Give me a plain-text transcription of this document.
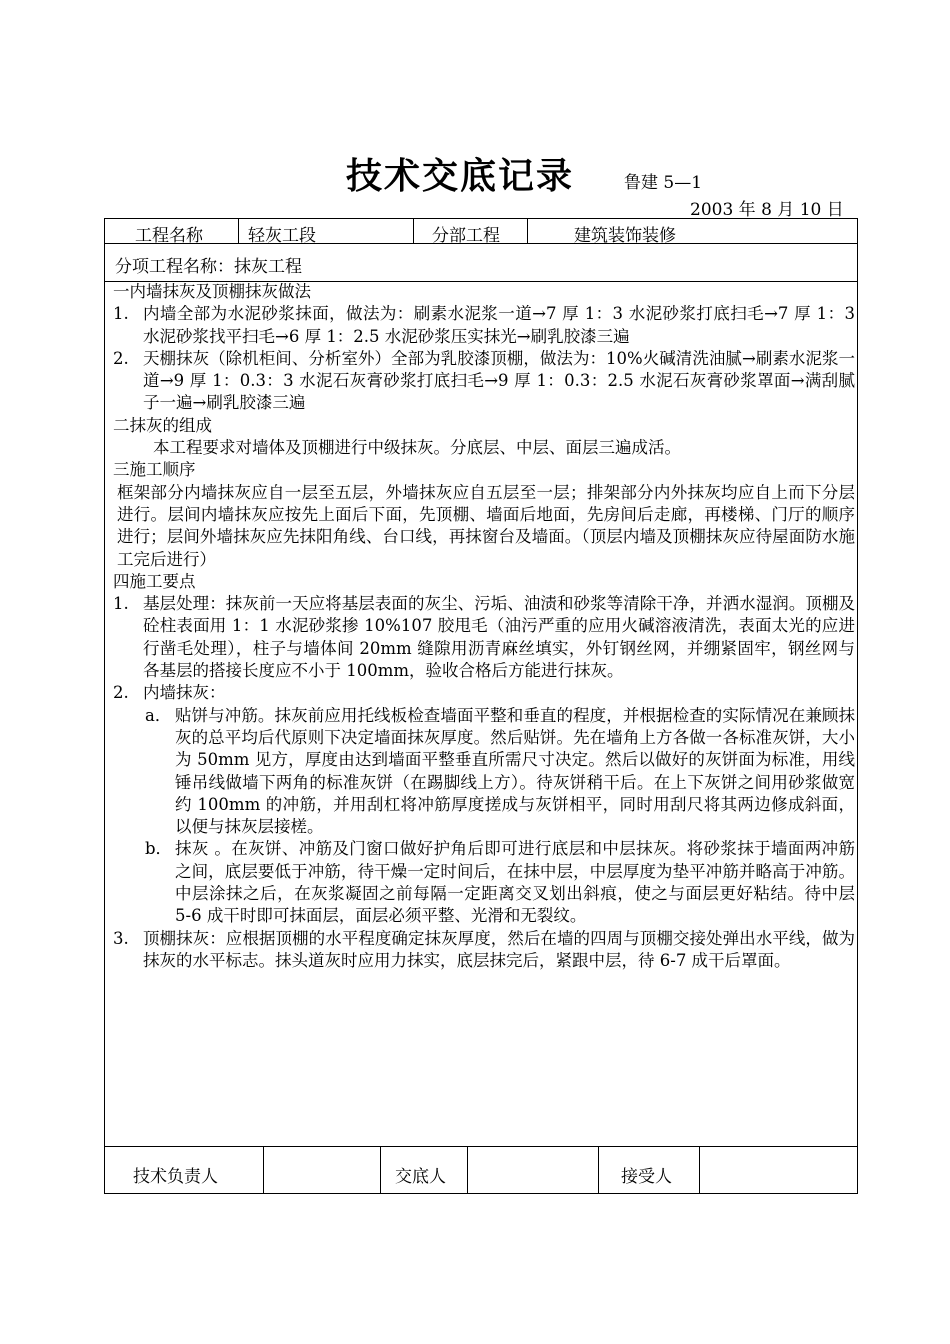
技术交底记录	鲁建 5—1
2003 年 8 月 10 日
工程名称	轻灰工段	分部工程	建筑装饰装修
分项工程名称：抹灰工程

一内墙抹灰及顶棚抹灰做法

1. 内墙全部为水泥砂浆抹面，做法为：刷素水泥浆一道→7 厚 1：3 水泥砂浆打底扫毛→7 厚 1：3 水泥砂浆找平扫毛→6 厚 1：2.5 水泥砂浆压实抹光→刷乳胶漆三遍
2. 天棚抹灰（除机柜间、分析室外）全部为乳胶漆顶棚，做法为：10%火碱清洗油腻→刷素水泥浆一道→9 厚 1：0.3：3 水泥石灰膏砂浆打底扫毛→9 厚 1：0.3：2.5 水泥石灰膏砂浆罩面→满刮腻子一遍→刷乳胶漆三遍

二抹灰的组成

本工程要求对墙体及顶棚进行中级抹灰。分底层、中层、面层三遍成活。

三施工顺序

框架部分内墙抹灰应自一层至五层，外墙抹灰应自五层至一层；排架部分内外抹灰均应自上而下分层进行。层间内墙抹灰应按先上面后下面，先顶棚、墙面后地面，先房间后走廊，再楼梯、门厅的顺序进行；层间外墙抹灰应先抹阳角线、台口线，再抹窗台及墙面。（顶层内墙及顶棚抹灰应待屋面防水施工完后进行）

四施工要点

1. 基层处理：抹灰前一天应将基层表面的灰尘、污垢、油渍和砂浆等清除干净，并洒水湿润。顶棚及砼柱表面用 1：1 水泥砂浆掺 10%107 胶甩毛（油污严重的应用火碱溶液清洗，表面太光的应进行凿毛处理），柱子与墙体间 20mm 缝隙用沥青麻丝填实，外钉钢丝网，并绷紧固牢，钢丝网与各基层的搭接长度应不小于 100mm，验收合格后方能进行抹灰。
2. 内墙抹灰：
a． 贴饼与冲筋。抹灰前应用托线板检查墙面平整和垂直的程度，并根据检查的实际情况在兼顾抹灰的总平均后代原则下决定墙面抹灰厚度。然后贴饼。先在墙角上方各做一各标准灰饼，大小为 50mm 见方，厚度由达到墙面平整垂直所需尺寸决定。然后以做好的灰饼面为标准，用线锤吊线做墙下两角的标准灰饼（在踢脚线上方）。待灰饼稍干后。在上下灰饼之间用砂浆做宽约 100mm 的冲筋，并用刮杠将冲筋厚度搓成与灰饼相平，同时用刮尺将其两边修成斜面，以便与抹灰层接槎。
b． 抹灰 。在灰饼、冲筋及门窗口做好护角后即可进行底层和中层抹灰。将砂浆抹于墙面两冲筋之间，底层要低于冲筋，待干燥一定时间后，在抹中层，中层厚度为垫平冲筋并略高于冲筋。中层涂抹之后，在灰浆凝固之前每隔一定距离交叉划出斜痕，使之与面层更好粘结。待中层 5-6 成干时即可抹面层，面层必须平整、光滑和无裂纹。
3. 顶棚抹灰：应根据顶棚的水平程度确定抹灰厚度，然后在墙的四周与顶棚交接处弹出水平线，做为抹灰的水平标志。抹头道灰时应用力抹实，底层抹完后，紧跟中层，待 6-7 成干后罩面。
技术负责人	交底人	接受人
